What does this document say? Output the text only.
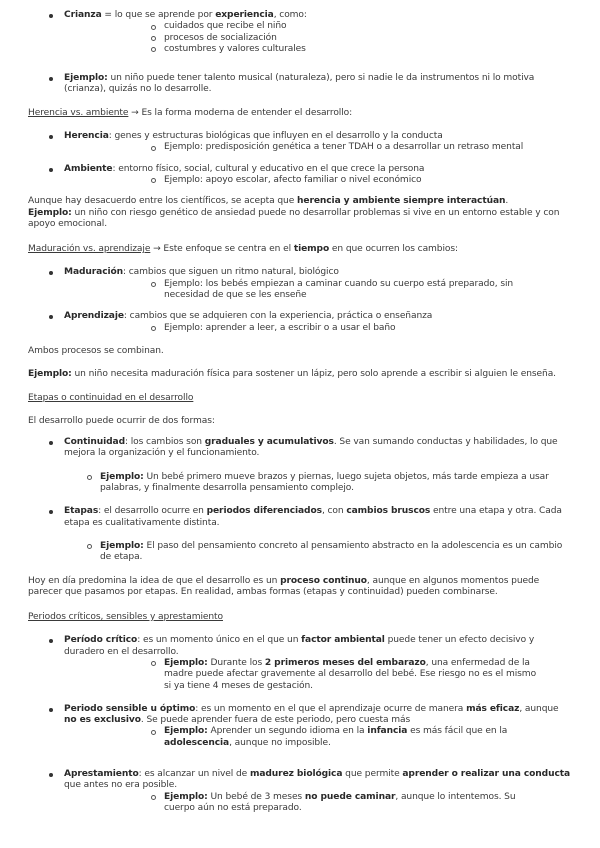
Crianza = lo que se aprende por experiencia, como:
cuidados que recibe el niño
procesos de socialización
costumbres y valores culturales
Ejemplo: un niño puede tener talento musical (naturaleza), pero si nadie le da instrumentos ni lo motiva (crianza), quizás no lo desarrolle.

Herencia vs. ambiente → Es la forma moderna de entender el desarrollo:

Herencia: genes y estructuras biológicas que influyen en el desarrollo y la conducta
Ejemplo: predisposición genética a tener TDAH o a desarrollar un retraso mental
Ambiente: entorno físico, social, cultural y educativo en el que crece la persona
Ejemplo: apoyo escolar, afecto familiar o nivel económico

Aunque hay desacuerdo entre los científicos, se acepta que herencia y ambiente siempre interactúan.
Ejemplo: un niño con riesgo genético de ansiedad puede no desarrollar problemas si vive en un entorno estable y con apoyo emocional.

Maduración vs. aprendizaje → Este enfoque se centra en el tiempo en que ocurren los cambios:

Maduración: cambios que siguen un ritmo natural, biológico
Ejemplo: los bebés empiezan a caminar cuando su cuerpo está preparado, sin necesidad de que se les enseñe
Aprendizaje: cambios que se adquieren con la experiencia, práctica o enseñanza
Ejemplo: aprender a leer, a escribir o a usar el baño

Ambos procesos se combinan.

Ejemplo: un niño necesita maduración física para sostener un lápiz, pero solo aprende a escribir si alguien le enseña.

Etapas o continuidad en el desarrollo

El desarrollo puede ocurrir de dos formas:

Continuidad: los cambios son graduales y acumulativos. Se van sumando conductas y habilidades, lo que mejora la organización y el funcionamiento.
Ejemplo: Un bebé primero mueve brazos y piernas, luego sujeta objetos, más tarde empieza a usar palabras, y finalmente desarrolla pensamiento complejo.
Etapas: el desarrollo ocurre en periodos diferenciados, con cambios bruscos entre una etapa y otra. Cada etapa es cualitativamente distinta.
Ejemplo: El paso del pensamiento concreto al pensamiento abstracto en la adolescencia es un cambio de etapa.

Hoy en día predomina la idea de que el desarrollo es un proceso continuo, aunque en algunos momentos puede parecer que pasamos por etapas. En realidad, ambas formas (etapas y continuidad) pueden combinarse.

Periodos críticos, sensibles y aprestamiento

Período crítico: es un momento único en el que un factor ambiental puede tener un efecto decisivo y duradero en el desarrollo.
Ejemplo: Durante los 2 primeros meses del embarazo, una enfermedad de la madre puede afectar gravemente al desarrollo del bebé. Ese riesgo no es el mismo si ya tiene 4 meses de gestación.
Periodo sensible u óptimo: es un momento en el que el aprendizaje ocurre de manera más eficaz, aunque no es exclusivo. Se puede aprender fuera de este periodo, pero cuesta más
Ejemplo: Aprender un segundo idioma en la infancia es más fácil que en la adolescencia, aunque no imposible.
Aprestamiento: es alcanzar un nivel de madurez biológica que permite aprender o realizar una conducta que antes no era posible.
Ejemplo: Un bebé de 3 meses no puede caminar, aunque lo intentemos. Su cuerpo aún no está preparado.
